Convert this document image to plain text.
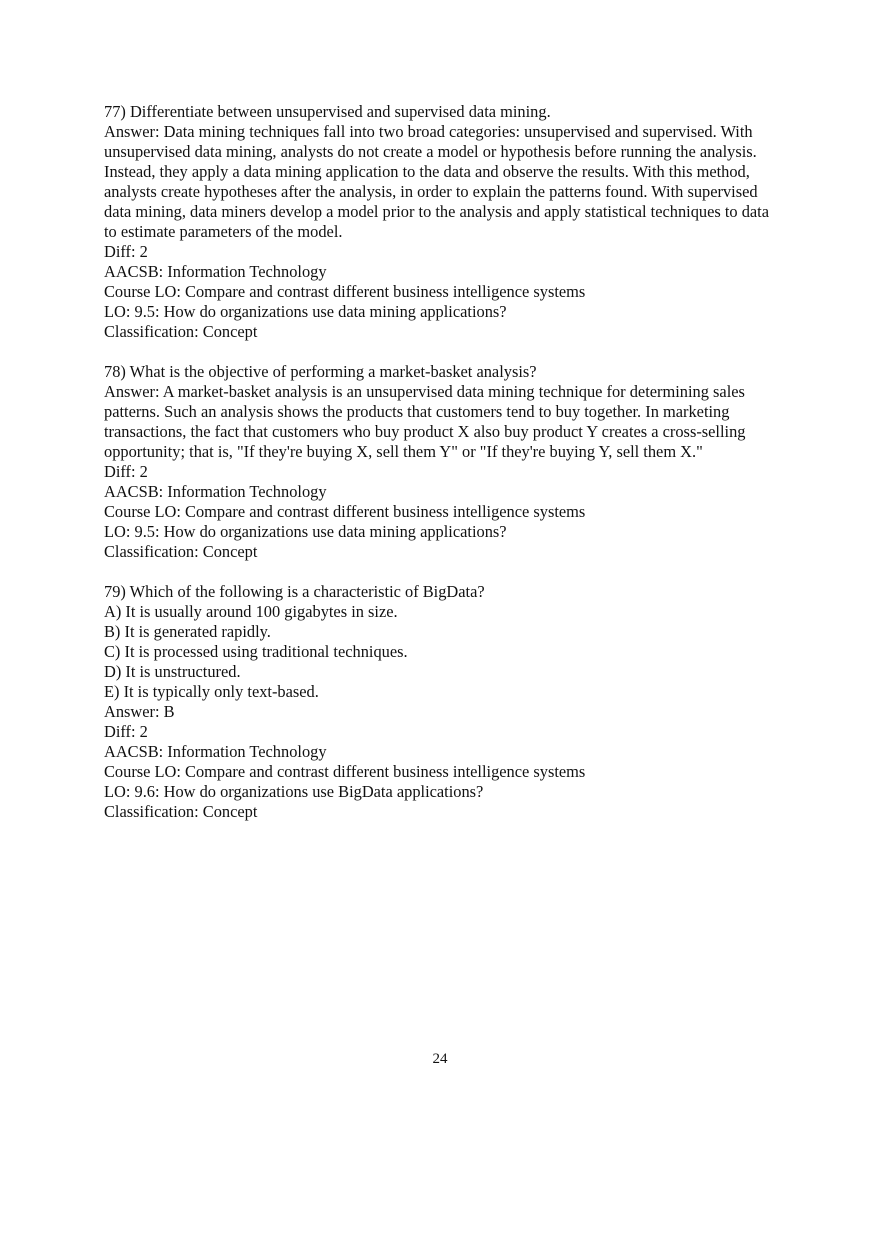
77) Differentiate between unsupervised and supervised data mining.
Answer: Data mining techniques fall into two broad categories: unsupervised and supervised. With unsupervised data mining, analysts do not create a model or hypothesis before running the analysis. Instead, they apply a data mining application to the data and observe the results. With this method, analysts create hypotheses after the analysis, in order to explain the patterns found. With supervised data mining, data miners develop a model prior to the analysis and apply statistical techniques to data to estimate parameters of the model.
Diff: 2
AACSB: Information Technology
Course LO: Compare and contrast different business intelligence systems
LO: 9.5: How do organizations use data mining applications?
Classification: Concept
78) What is the objective of performing a market-basket analysis?
Answer: A market-basket analysis is an unsupervised data mining technique for determining sales patterns. Such an analysis shows the products that customers tend to buy together. In marketing transactions, the fact that customers who buy product X also buy product Y creates a cross-selling opportunity; that is, "If they're buying X, sell them Y" or "If they're buying Y, sell them X."
Diff: 2
AACSB: Information Technology
Course LO: Compare and contrast different business intelligence systems
LO: 9.5: How do organizations use data mining applications?
Classification: Concept
79) Which of the following is a characteristic of BigData?
A) It is usually around 100 gigabytes in size.
B) It is generated rapidly.
C) It is processed using traditional techniques.
D) It is unstructured.
E) It is typically only text-based.
Answer: B
Diff: 2
AACSB: Information Technology
Course LO: Compare and contrast different business intelligence systems
LO: 9.6: How do organizations use BigData applications?
Classification: Concept
24
